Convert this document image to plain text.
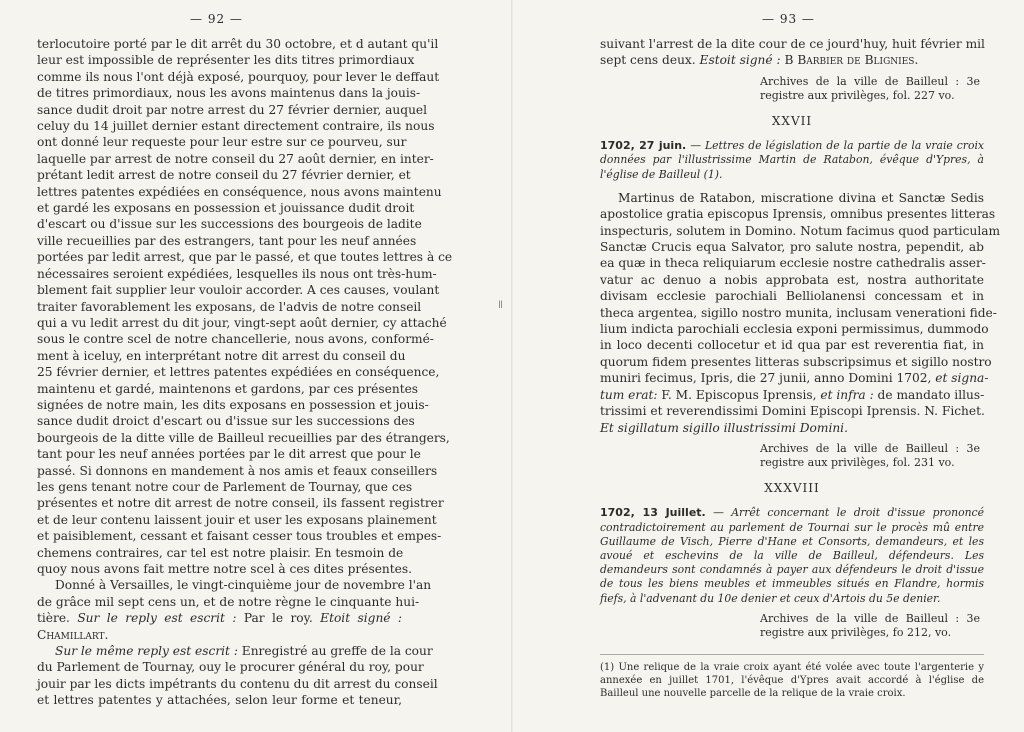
— 92 —
terlocutoire porté par le dit arrêt du 30 octobre, et d autant qu'il
leur est impossible de représenter les dits titres primordiaux
comme ils nous l'ont déjà exposé, pourquoy, pour lever le deffaut
de titres primordiaux, nous les avons maintenus dans la jouis-
sance dudit droit par notre arrest du 27 février dernier, auquel
celuy du 14 juillet dernier estant directement contraire, ils nous
ont donné leur requeste pour leur estre sur ce pourveu, sur
laquelle par arrest de notre conseil du 27 août dernier, en inter-
prétant ledit arrest de notre conseil du 27 février dernier, et
lettres patentes expédiées en conséquence, nous avons maintenu
et gardé les exposans en possession et jouissance dudit droit
d'escart ou d'issue sur les successions des bourgeois de ladite
ville recueillies par des estrangers, tant pour les neuf années
portées par ledit arrest, que par le passé, et que toutes lettres à ce
nécessaires seroient expédiées, lesquelles ils nous ont très-hum-
blement fait supplier leur vouloir accorder. A ces causes, voulant
traiter favorablement les exposans, de l'advis de notre conseil
qui a vu ledit arrest du dit jour, vingt-sept août dernier, cy attaché
sous le contre scel de notre chancellerie, nous avons, conformé-
ment à iceluy, en interprétant notre dit arrest du conseil du
25 février dernier, et lettres patentes expédiées en conséquence,
maintenu et gardé, maintenons et gardons, par ces présentes
signées de notre main, les dits exposans en possession et jouis-
sance dudit droict d'escart ou d'issue sur les successions des
bourgeois de la ditte ville de Bailleul recueillies par des étrangers,
tant pour les neuf années portées par le dit arrest que pour le
passé. Si donnons en mandement à nos amis et feaux conseillers
les gens tenant notre cour de Parlement de Tournay, que ces
présentes et notre dit arrest de notre conseil, ils fassent registrer
et de leur contenu laissent jouir et user les exposans plainement
et paisiblement, cessant et faisant cesser tous troubles et empes-
chemens contraires, car tel est notre plaisir. En tesmoin de
quoy nous avons fait mettre notre scel à ces dites présentes.
Donné à Versailles, le vingt-cinquième jour de novembre l'an
de grâce mil sept cens un, et de notre règne le cinquante hui-
tière. Sur le reply est escrit : Par le roy. Etoit signé :
Chamillart.
Sur le même reply est escrit : Enregistré au greffe de la cour
du Parlement de Tournay, ouy le procurer général du roy, pour
jouir par les dicts impétrants du contenu du dit arrest du conseil
et lettres patentes y attachées, selon leur forme et teneur,
ǁ
— 93 —
suivant l'arrest de la dite cour de ce jourd'huy, huit février mil
sept cens deux. Estoit signé : B Barbier de Blignies.
Archives de la ville de Bailleul : 3e registre aux privilèges, fol. 227 vo.
XXVII
1702, 27 juin. — Lettres de législation de la partie de la vraie croix données par l'illustrissime Martin de Ratabon, évêque d'Ypres, à l'église de Bailleul (1).
Martinus de Ratabon, miscratione divina et Sanctæ Sedis
apostolice gratia episcopus Iprensis, omnibus presentes litteras
inspecturis, solutem in Domino. Notum facimus quod particulam
Sanctæ Crucis equa Salvator, pro salute nostra, pependit, ab
ea quæ in theca reliquiarum ecclesie nostre cathedralis asser-
vatur ac denuo a nobis approbata est, nostra authoritate
divisam ecclesie parochiali Belliolanensi concessam et in
theca argentea, sigillo nostro munita, inclusam venerationi fide-
lium indicta parochiali ecclesia exponi permissimus, dummodo
in loco decenti collocetur et id qua par est reverentia fiat, in
quorum fidem presentes litteras subscripsimus et sigillo nostro
muniri fecimus, Ipris, die 27 junii, anno Domini 1702, et signa-
tum erat: F. M. Episcopus Iprensis, et infra : de mandato illus-
trissimi et reverendissimi Domini Episcopi Iprensis. N. Fichet.
Et sigillatum sigillo illustrissimi Domini.
Archives de la ville de Bailleul : 3e registre aux privilèges, fol. 231 vo.
XXXVIII
1702, 13 Juillet. — Arrêt concernant le droit d'issue prononcé contradictoirement au parlement de Tournai sur le procès mû entre Guillaume de Visch, Pierre d'Hane et Consorts, demandeurs, et les avoué et eschevins de la ville de Bailleul, défendeurs. Les demandeurs sont condamnés à payer aux défendeurs le droit d'issue de tous les biens meubles et immeubles situés en Flandre, hormis fiefs, à l'advenant du 10e denier et ceux d'Artois du 5e denier.
Archives de la ville de Bailleul : 3e registre aux privilèges, fo 212, vo.
(1) Une relique de la vraie croix ayant été volée avec toute l'argenterie y annexée en juillet 1701, l'évêque d'Ypres avait accordé à l'église de Bailleul une nouvelle parcelle de la relique de la vraie croix.
